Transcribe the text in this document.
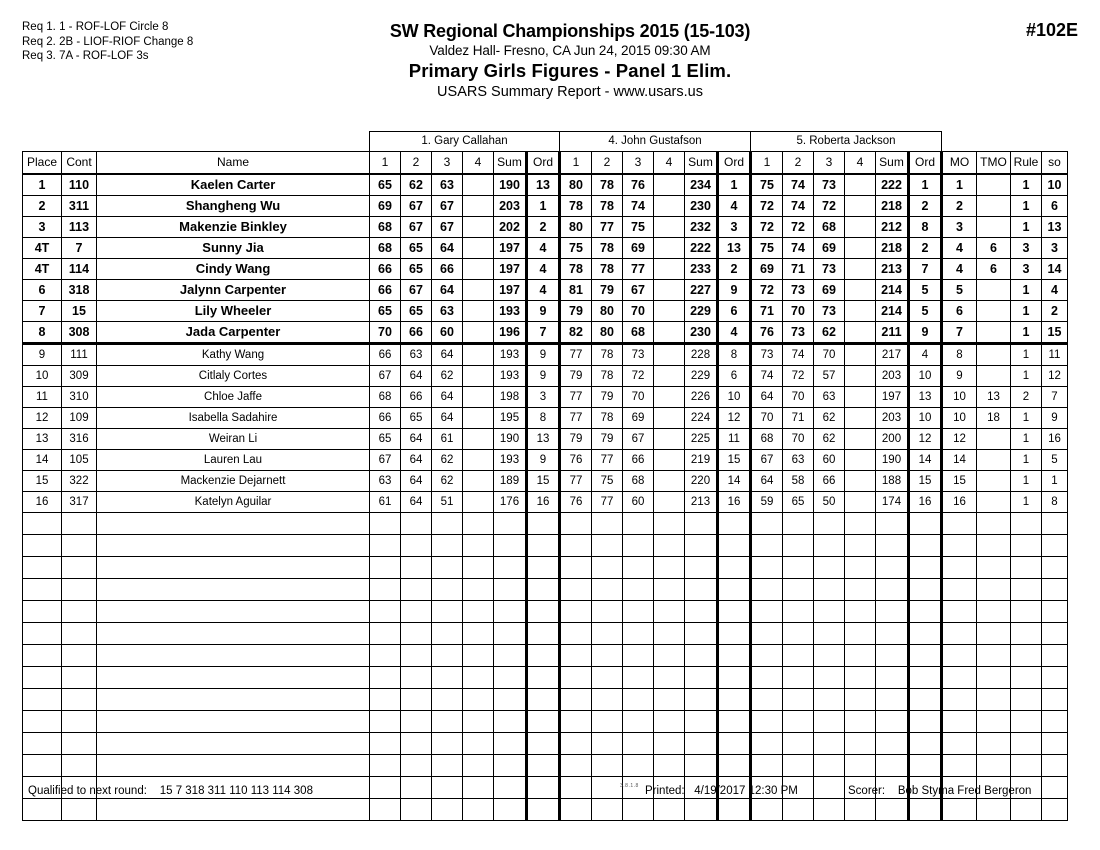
Req 1. 1 - ROF-LOF Circle 8
Req 2. 2B - LIOF-RIOF Change 8
Req 3. 7A - ROF-LOF 3s
SW Regional Championships 2015 (15-103)
Valdez Hall- Fresno, CA Jun 24, 2015 09:30 AM
Primary Girls Figures - Panel 1 Elim.
USARS Summary Report - www.usars.us
#102E
			1. Gary Callahan						4. John Gustafson						5. Roberta Jackson									
Place	Cont	Name	1	2	3	4	Sum	Ord	1	2	3	4	Sum	Ord	1	2	3	4	Sum	Ord	MO	TMO	Rule	so
1	110	Kaelen Carter	65	62	63		190	13	80	78	76		234	1	75	74	73		222	1	1		1	10
2	311	Shangheng Wu	69	67	67		203	1	78	78	74		230	4	72	74	72		218	2	2		1	6
3	113	Makenzie Binkley	68	67	67		202	2	80	77	75		232	3	72	72	68		212	8	3		1	13
4T	7	Sunny Jia	68	65	64		197	4	75	78	69		222	13	75	74	69		218	2	4	6	3	3
4T	114	Cindy Wang	66	65	66		197	4	78	78	77		233	2	69	71	73		213	7	4	6	3	14
6	318	Jalynn Carpenter	66	67	64		197	4	81	79	67		227	9	72	73	69		214	5	5		1	4
7	15	Lily Wheeler	65	65	63		193	9	79	80	70		229	6	71	70	73		214	5	6		1	2
8	308	Jada Carpenter	70	66	60		196	7	82	80	68		230	4	76	73	62		211	9	7		1	15
9	111	Kathy Wang	66	63	64		193	9	77	78	73		228	8	73	74	70		217	4	8		1	11
10	309	Citlaly Cortes	67	64	62		193	9	79	78	72		229	6	74	72	57		203	10	9		1	12
11	310	Chloe Jaffe	68	66	64		198	3	77	79	70		226	10	64	70	63		197	13	10	13	2	7
12	109	Isabella Sadahire	66	65	64		195	8	77	78	69		224	12	70	71	62		203	10	10	18	1	9
13	316	Weiran Li	65	64	61		190	13	79	79	67		225	11	68	70	62		200	12	12		1	16
14	105	Lauren Lau	67	64	62		193	9	76	77	66		219	15	67	63	60		190	14	14		1	5
15	322	Mackenzie Dejarnett	63	64	62		189	15	77	75	68		220	14	64	58	66		188	15	15		1	1
16	317	Katelyn Aguilar	61	64	51		176	16	76	77	60		213	16	59	65	50		174	16	16		1	8

Qualified to next round: 15 7 318 311 110 113 114 308	3.8.1.8 Printed: 4/19/2017 12:30 PM	Scorer: Bob Styma Fred Bergeron
